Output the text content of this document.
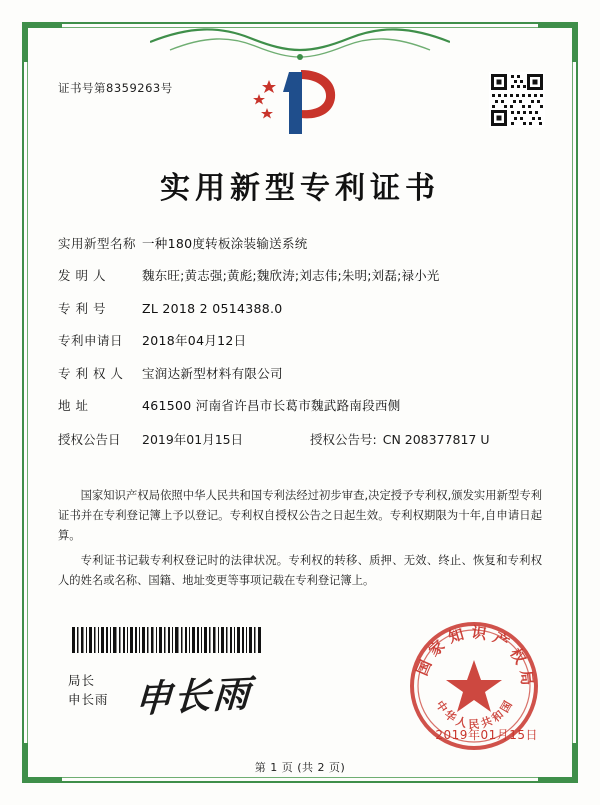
证书号第8359263号
实用新型专利证书
实用新型名称 一种180度转板涂装输送系统
发 明 人	魏东旺;黄志强;黄彪;魏欣涛;刘志伟;朱明;刘磊;禄小光
专 利 号	ZL 2018 2 0514388.0
专利申请日	2018年04月12日
专 利 权 人	宝润达新型材料有限公司
地 址	461500 河南省许昌市长葛市魏武路南段西侧
授权公告日	2019年01月15日	授权公告号: CN 208377817 U

国家知识产权局依照中华人民共和国专利法经过初步审查,决定授予专利权,颁发实用新型专利证书并在专利登记簿上予以登记。专利权自授权公告之日起生效。专利权期限为十年,自申请日起算。

专利证书记载专利权登记时的法律状况。专利权的转移、质押、无效、终止、恢复和专利权人的姓名或名称、国籍、地址变更等事项记载在专利登记簿上。

局长
申长雨 申长雨
国家知识产权局
中华人民共和国
2019年01月15日
第 1 页 (共 2 页)
